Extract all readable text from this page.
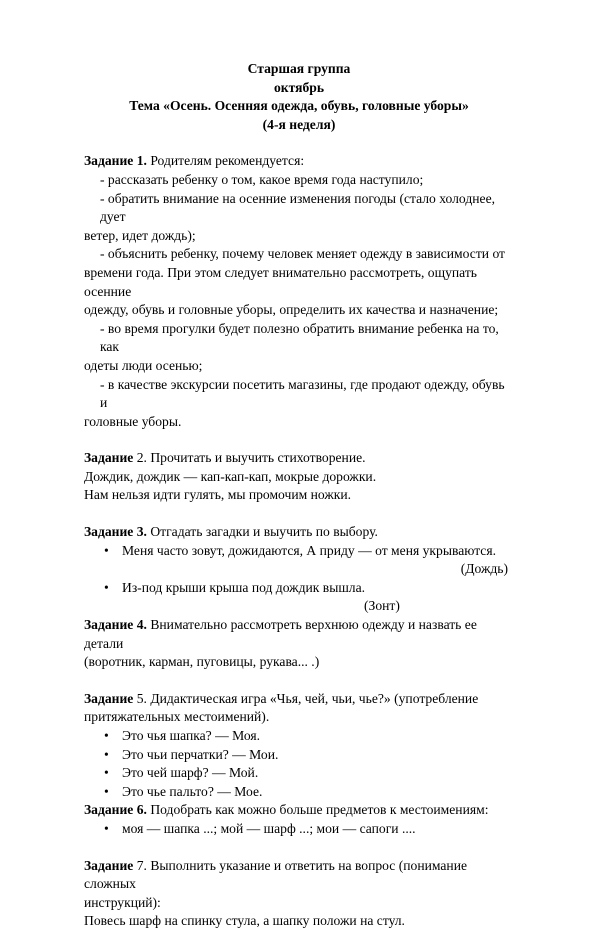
Старшая группа

октябрь

Тема «Осень. Осенняя одежда, обувь, головные уборы»

(4-я неделя)

Задание 1. Родителям рекомендуется:

- рассказать ребенку о том, какое время года наступило;

- обратить внимание на осенние изменения погоды (стало холоднее, дует

ветер, идет дождь);

- объяснить ребенку, почему человек меняет одежду в зависимости от

времени года. При этом следует внимательно рассмотреть, ощупать осенние

одежду, обувь и головные уборы, определить их качества и назначение;

- во время прогулки будет полезно обратить внимание ребенка на то, как

одеты люди осенью;

- в качестве экскурсии посетить магазины, где продают одежду, обувь и

головные уборы.

Задание 2. Прочитать и выучить стихотворение.

Дождик, дождик — кап-кап-кап, мокрые дорожки.

Нам нельзя идти гулять, мы промочим ножки.

Задание 3. Отгадать загадки и выучить по выбору.

• Меня часто зовут, дожидаются, А приду — от меня укрываются.

(Дождь)

• Из-под крыши крыша под дождик вышла.

(Зонт)

Задание 4. Внимательно рассмотреть верхнюю одежду и назвать ее детали

(воротник, карман, пуговицы, рукава... .)

Задание 5. Дидактическая игра «Чья, чей, чьи, чье?» (употребление

притяжательных местоимений).

• Это чья шапка? — Моя.
• Это чьи перчатки? — Мои.
• Это чей шарф? — Мой.
• Это чье пальто? — Мое.

Задание 6. Подобрать как можно больше предметов к местоимениям:

• моя — шапка ...; мой — шарф ...; мои — сапоги ....

Задание 7. Выполнить указание и ответить на вопрос (понимание сложных

инструкций):

Повесь шарф на спинку стула, а шапку положи на стул.
